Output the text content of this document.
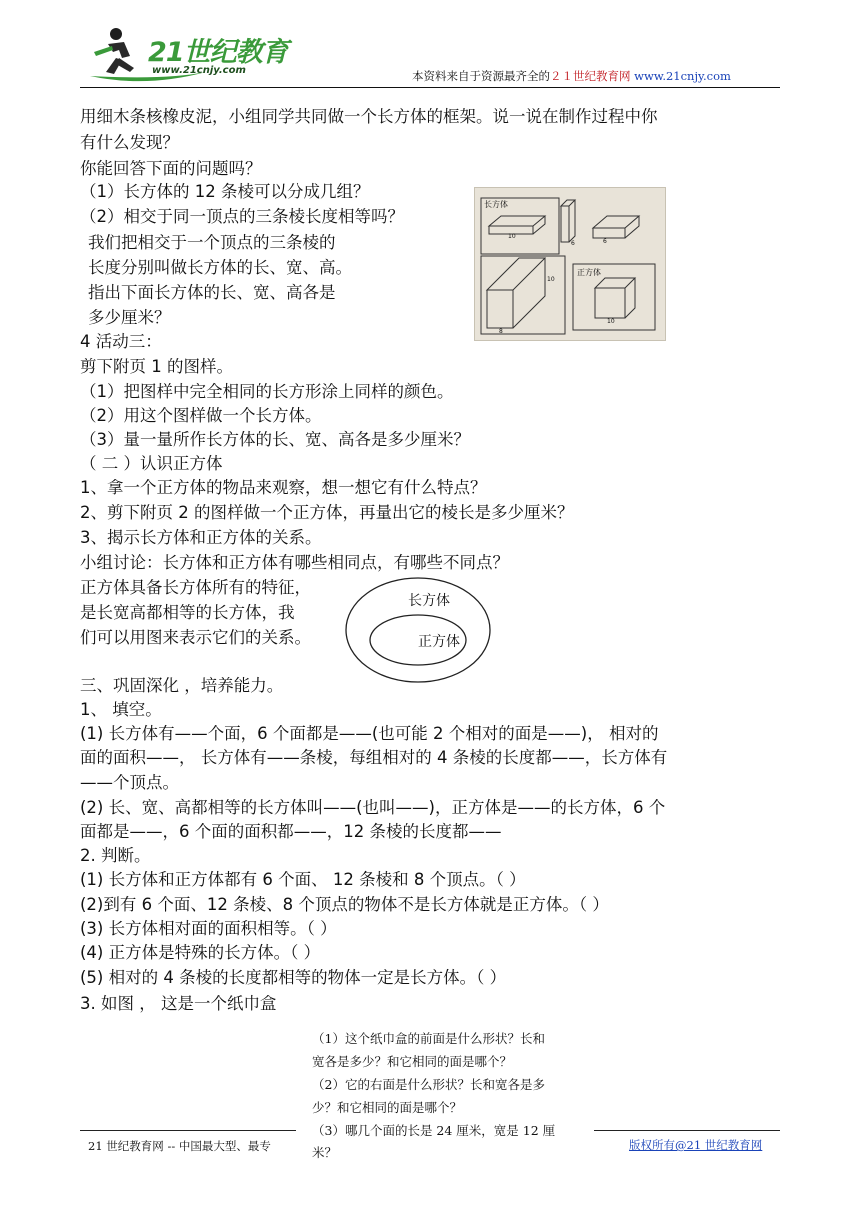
21世纪教育
www.21cnjy.com	本资料来自于资源最齐全的２１世纪教育网 www.21cnjy.com
用细木条核橡皮泥，小组同学共同做一个长方体的框架。说一说在制作过程中你
有什么发现？
你能回答下面的问题吗？
（1）长方体的 12 条棱可以分成几组？
（2）相交于同一顶点的三条棱长度相等吗？
我们把相交于一个顶点的三条棱的
长度分别叫做长方体的长、宽、高。
指出下面长方体的长、宽、高各是
多少厘米？
4 活动三：
剪下附页 1 的图样。
（1）把图样中完全相同的长方形涂上同样的颜色。
（2）用这个图样做一个长方体。
（3）量一量所作长方体的长、宽、高各是多少厘米？
（ 二 ）认识正方体
1、拿一个正方体的物品来观察，想一想它有什么特点？
2、剪下附页 2 的图样做一个正方体，再量出它的棱长是多少厘米？
3、揭示长方体和正方体的关系。
小组讨论：长方体和正方体有哪些相同点，有哪些不同点？
正方体具备长方体所有的特征，
是长宽高都相等的长方体，我
们可以用图来表示它们的关系。
三、巩固深化 ，培养能力。
1、 填空。
(1) 长方体有——个面，6 个面都是——(也可能 2 个相对的面是——)， 相对的
面的面积——， 长方体有——条棱，每组相对的 4 条棱的长度都——，长方体有
——个顶点。
(2) 长、宽、高都相等的长方体叫——(也叫——)，正方体是——的长方体，6 个
面都是——，6 个面的面积都——，12 条棱的长度都——
2. 判断。
(1) 长方体和正方体都有 6 个面、 12 条棱和 8 个顶点。（ ）
(2)到有 6 个面、12 条棱、8 个顶点的物体不是长方体就是正方体。（ ）
(3) 长方体相对面的面积相等。（ ）
(4) 正方体是特殊的长方体。（ ）
(5) 相对的 4 条棱的长度都相等的物体一定是长方体。（ ）
3. 如图 ， 这是一个纸巾盒
长方体
正方体
10
6	6
10
8
10
长方体
正方体
（1）这个纸巾盒的前面是什么形状？长和
宽各是多少？和它相同的面是哪个？
（2）它的右面是什么形状？长和宽各是多
少？和它相同的面是哪个？
（3）哪几个面的长是 24 厘米，宽是 12 厘
米？
21 世纪教育网 -- 中国最大型、最专	版权所有@21 世纪教育网
